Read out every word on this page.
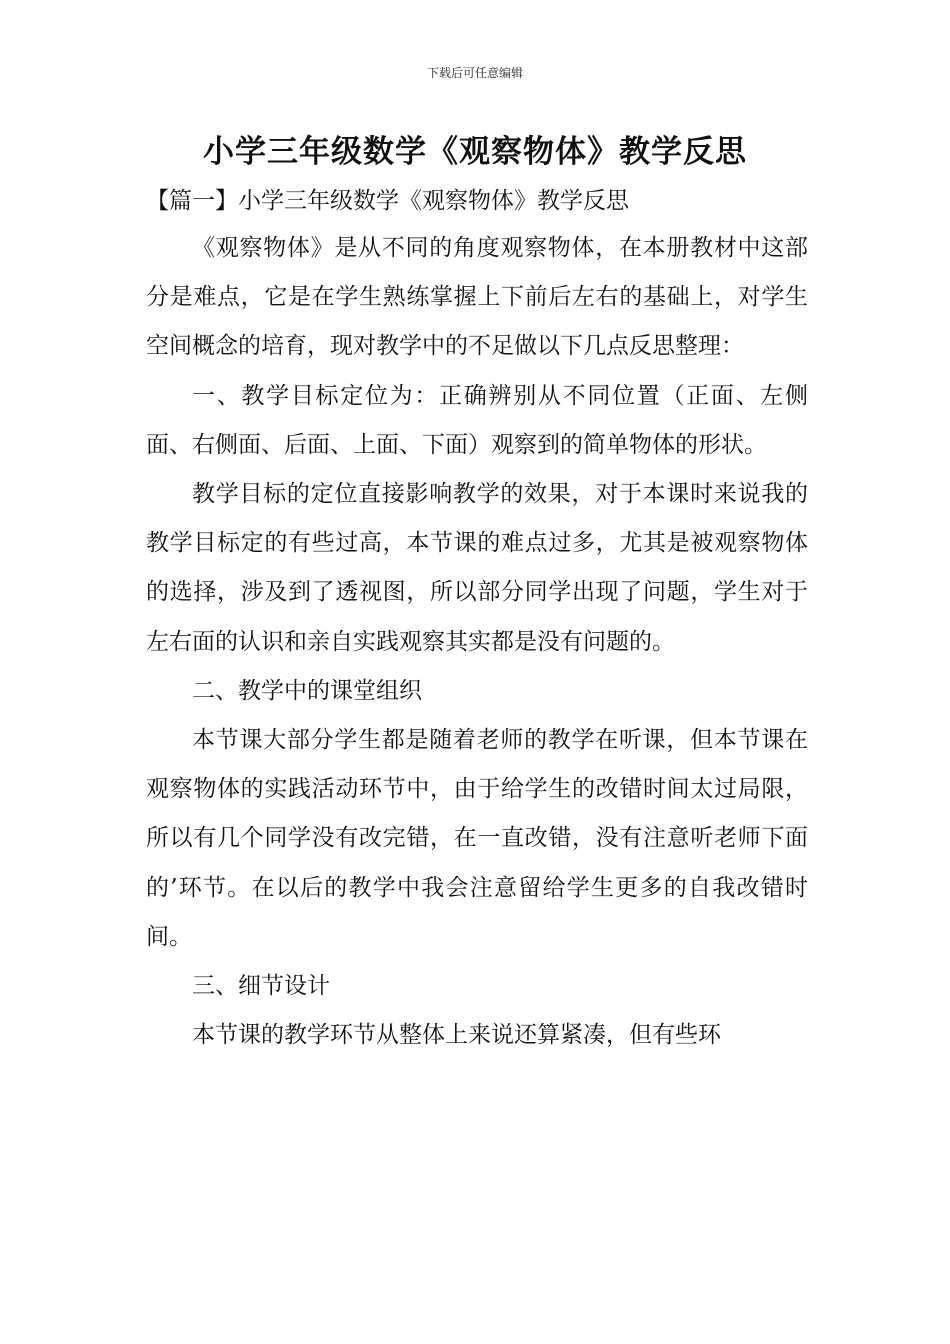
下载后可任意编辑
小学三年级数学《观察物体》教学反思
【篇一】小学三年级数学《观察物体》教学反思

《观察物体》是从不同的角度观察物体，在本册教材中这部分是难点，它是在学生熟练掌握上下前后左右的基础上，对学生空间概念的培育，现对教学中的不足做以下几点反思整理：

一、教学目标定位为：正确辨别从不同位置（正面、左侧面、右侧面、后面、上面、下面）观察到的简单物体的形状。

教学目标的定位直接影响教学的效果，对于本课时来说我的教学目标定的有些过高，本节课的难点过多，尤其是被观察物体的选择，涉及到了透视图，所以部分同学出现了问题，学生对于左右面的认识和亲自实践观察其实都是没有问题的。

二、教学中的课堂组织

本节课大部分学生都是随着老师的教学在听课，但本节课在观察物体的实践活动环节中，由于给学生的改错时间太过局限，所以有几个同学没有改完错，在一直改错，没有注意听老师下面的’环节。在以后的教学中我会注意留给学生更多的自我改错时间。

三、细节设计

本节课的教学环节从整体上来说还算紧凑，但有些环
